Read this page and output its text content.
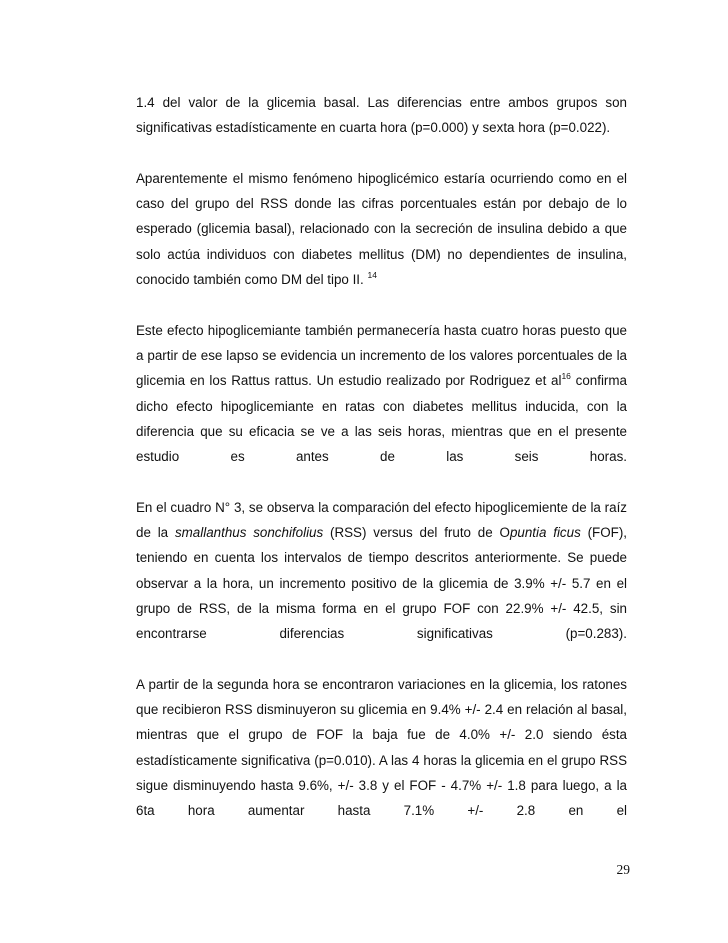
1.4 del valor de la glicemia basal. Las diferencias entre ambos grupos son significativas estadísticamente en cuarta hora (p=0.000) y sexta hora (p=0.022).

Aparentemente el mismo fenómeno hipoglicémico estaría ocurriendo como en el caso del grupo del RSS donde las cifras porcentuales están por debajo de lo esperado (glicemia basal), relacionado con la secreción de insulina debido a que solo actúa individuos con diabetes mellitus (DM) no dependientes de insulina, conocido también como DM del tipo II. $^{14}$

Este efecto hipoglicemiante también permanecería hasta cuatro horas puesto que a partir de ese lapso se evidencia un incremento de los valores porcentuales de la glicemia en los Rattus rattus. Un estudio realizado por Rodriguez et $al^{16}$ confirma dicho efecto hipoglicemiante en ratas con diabetes mellitus inducida, con la diferencia que su eficacia se ve a las seis horas, mientras que en el presente estudio es antes de las seis horas.

En el cuadro N° 3, se observa la comparación del efecto hipoglicemiente de la raíz de la smallanthus sonchifolius (RSS) versus del fruto de Opuntia ficus (FOF), teniendo en cuenta los intervalos de tiempo descritos anteriormente. Se puede observar a la hora, un incremento positivo de la glicemia de 3.9% +/- 5.7 en el grupo de RSS, de la misma forma en el grupo FOF con 22.9% +/- 42.5, sin encontrarse diferencias significativas (p=0.283).

A partir de la segunda hora se encontraron variaciones en la glicemia, los ratones que recibieron RSS disminuyeron su glicemia en 9.4% +/- 2.4 en relación al basal, mientras que el grupo de FOF la baja fue de 4.0% +/- 2.0 siendo ésta estadísticamente significativa (p=0.010). A las 4 horas la glicemia en el grupo RSS sigue disminuyendo hasta 9.6%, +/- 3.8 y el FOF - 4.7% +/- 1.8 para luego, a la 6ta hora aumentar hasta 7.1% +/- 2.8 en el

29
